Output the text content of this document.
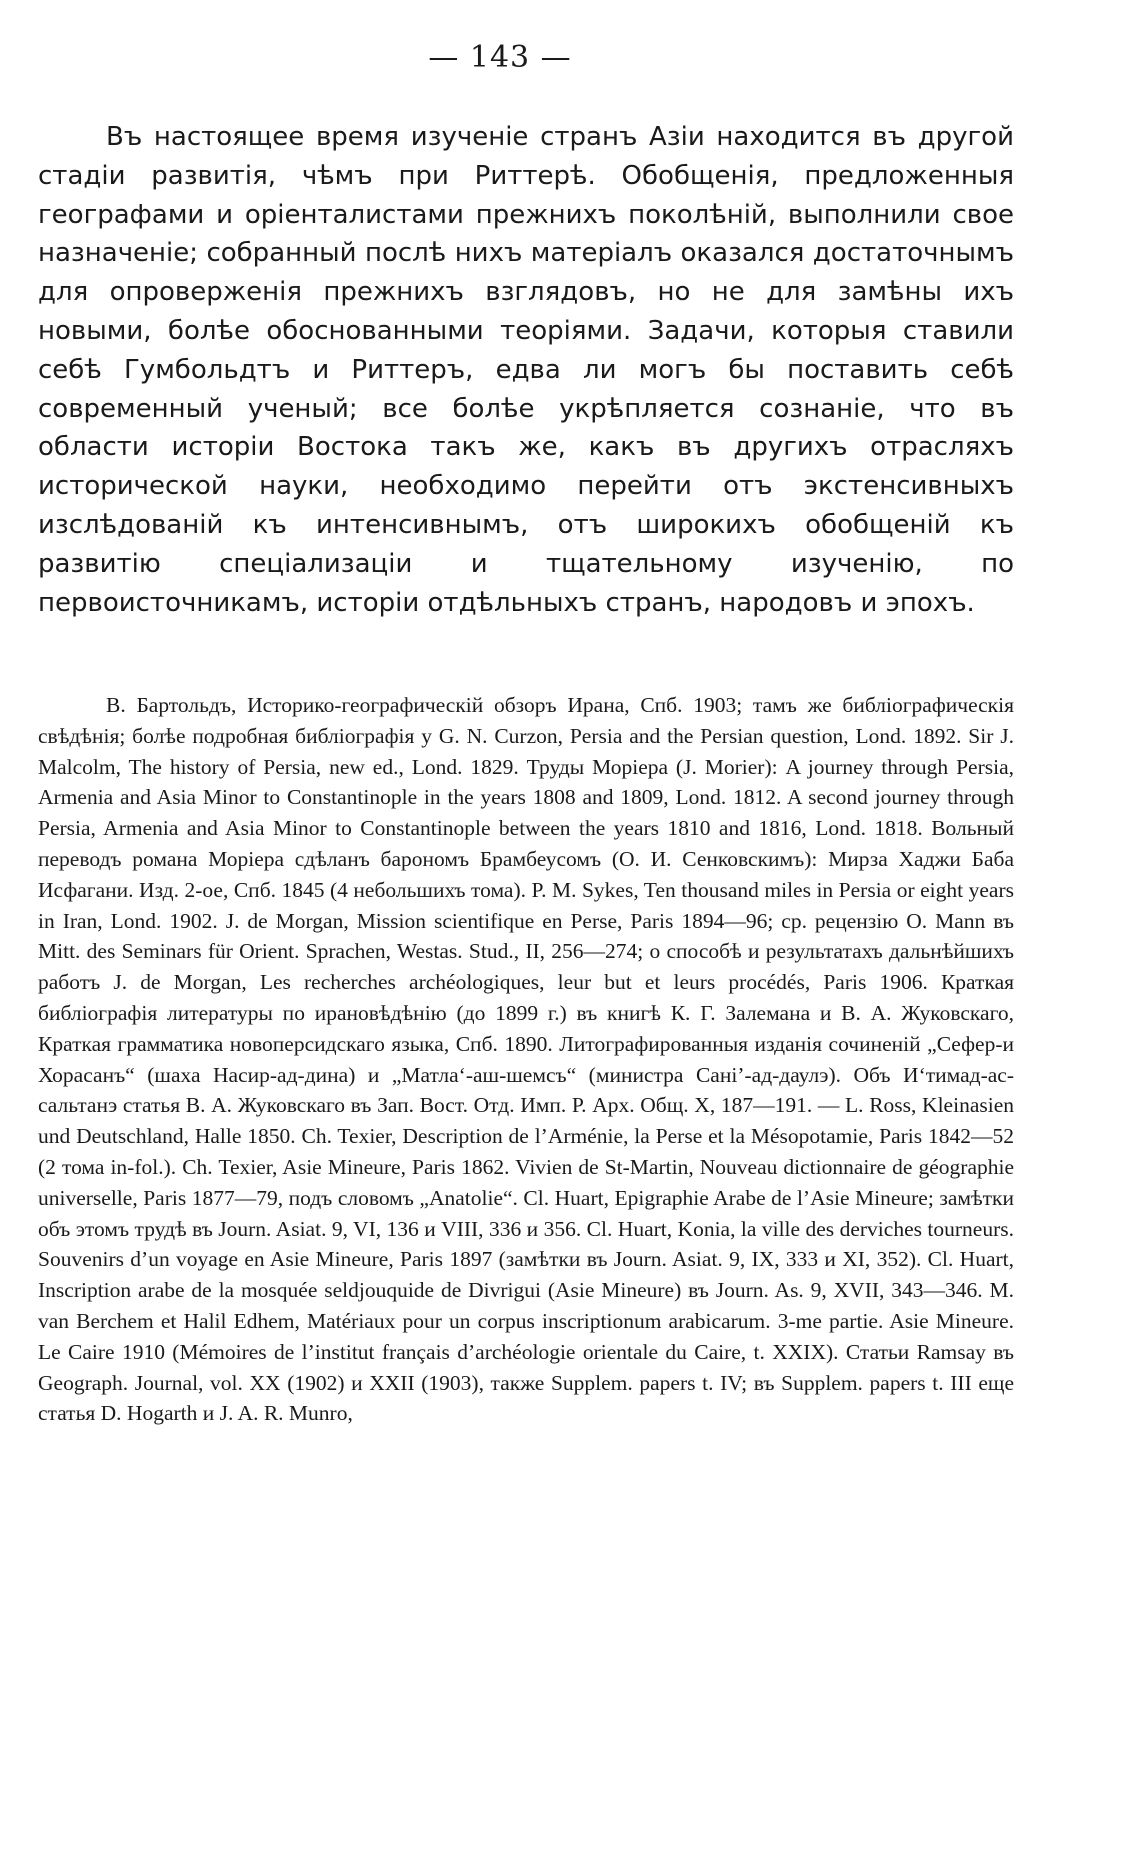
— 143 —

Въ настоящее время изученіе странъ Азіи находится въ другой стадіи развитія, чѣмъ при Риттерѣ. Обобщенія, предложенныя географами и оріенталистами прежнихъ поколѣній, выполнили свое назначеніе; собранный послѣ нихъ матеріалъ оказался достаточнымъ для опроверженія прежнихъ взглядовъ, но не для замѣны ихъ новыми, болѣе обоснованными теоріями. Задачи, которыя ставили себѣ Гумбольдтъ и Риттеръ, едва ли могъ бы поставить себѣ современный ученый; все болѣе укрѣпляется сознаніе, что въ области исторіи Востока такъ же, какъ въ другихъ отрасляхъ исторической науки, необходимо перейти отъ экстенсивныхъ изслѣдованій къ интенсивнымъ, отъ широкихъ обобщеній къ развитію спеціализаціи и тщательному изученію, по первоисточникамъ, исторіи отдѣльныхъ странъ, народовъ и эпохъ.

В. Бартольдъ, Историко-географическій обзоръ Ирана, Спб. 1903; тамъ же библіографическія свѣдѣнія; болѣе подробная библіографія у G. N. Curzon, Persia and the Persian question, Lond. 1892. Sir J. Malcolm, The history of Persia, new ed., Lond. 1829. Труды Моріера (J. Morier): A journey through Persia, Armenia and Asia Minor to Constantinople in the years 1808 and 1809, Lond. 1812. A second journey through Persia, Armenia and Asia Minor to Constantinople between the years 1810 and 1816, Lond. 1818. Вольный переводъ романа Моріера сдѣланъ барономъ Брамбеусомъ (О. И. Сенковскимъ): Мирза Хаджи Баба Исфагани. Изд. 2-ое, Спб. 1845 (4 небольшихъ тома). P. M. Sykes, Ten thousand miles in Persia or eight years in Iran, Lond. 1902. J. de Morgan, Mission scientifique en Perse, Paris 1894—96; ср. рецензію O. Mann въ Mitt. des Seminars für Orient. Sprachen, Westas. Stud., II, 256—274; о способѣ и результатахъ дальнѣйшихъ работъ J. de Morgan, Les recherches archéologiques, leur but et leurs procédés, Paris 1906. Краткая библіографія литературы по ирановѣдѣнію (до 1899 г.) въ книгѣ К. Г. Залемана и В. А. Жуковскаго, Краткая грамматика новоперсидскаго языка, Спб. 1890. Литографированныя изданія сочиненій „Сефер-и Хорасанъ“ (шаха Насир-ад-дина) и „Матла‘-аш-шемсъ“ (министра Сані’-ад-даулэ). Объ И‘тимад-ас-сальтанэ статья В. А. Жуковскаго въ Зап. Вост. Отд. Имп. Р. Арх. Общ. X, 187—191. — L. Ross, Kleinasien und Deutschland, Halle 1850. Ch. Texier, Description de l’Arménie, la Perse et la Mésopotamie, Paris 1842—52 (2 тома in-fol.). Ch. Texier, Asie Mineure, Paris 1862. Vivien de St-Martin, Nouveau dictionnaire de géographie universelle, Paris 1877—79, подъ словомъ „Anatolie“. Cl. Huart, Epigraphie Arabe de l’Asie Mineure; замѣтки объ этомъ трудѣ въ Journ. Asiat. 9, VI, 136 и VIII, 336 и 356. Cl. Huart, Konia, la ville des derviches tourneurs. Souvenirs d’un voyage en Asie Mineure, Paris 1897 (замѣтки въ Journ. Asiat. 9, IX, 333 и XI, 352). Cl. Huart, Inscription arabe de la mosquée seldjouquide de Divrigui (Asie Mineure) въ Journ. As. 9, XVII, 343—346. M. van Berchem et Halil Edhem, Matériaux pour un corpus inscriptionum arabicarum. 3-me partie. Asie Mineure. Le Caire 1910 (Mémoires de l’institut français d’archéologie orientale du Caire, t. XXIX). Статьи Ramsay въ Geograph. Journal, vol. XX (1902) и XXII (1903), также Supplem. papers t. IV; въ Supplem. papers t. III еще статья D. Hogarth и J. A. R. Munro,
